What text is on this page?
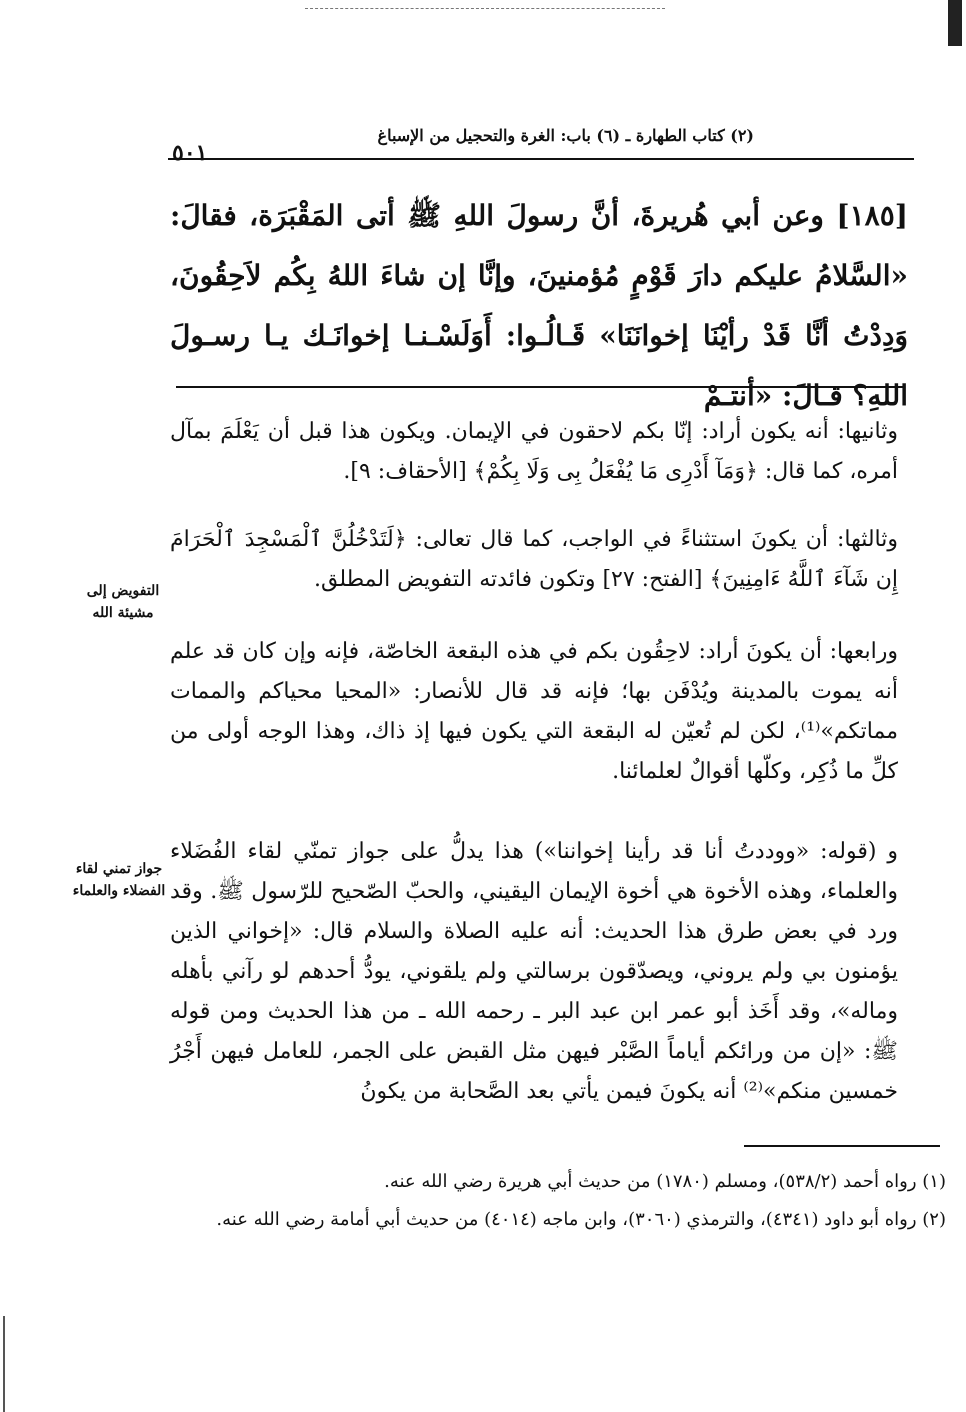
(٢) كتاب الطهارة ـ (٦) باب: الغرة والتحجيل من الإسباغ
٥٠١

[١٨٥] وعن أبي هُريرةَ، أنَّ رسولَ اللهِ ﷺ أتى المَقْبَرَة، فقالَ: «السَّلامُ عليكم دارَ قَوْمٍ مُؤمنينَ، وإنَّا إن شاءَ اللهُ بِكُم لاَحِقُونَ، وَدِدْتُ أنَّا قَدْ رأيْنَا إخوانَنَا» قَـالُـوا: أَوَلَسْـنـا إخوانَـك يـا رسـولَ اللهِ؟ قـالَ: «أنتـمْ

وثانيها: أنه يكون أراد: إنّا بكم لاحقون في الإيمان. ويكون هذا قبل أن يَعْلَمَ بمآل أمره، كما قال: ﴿وَمَآ أَدْرِى مَا يُفْعَلُ بِى وَلَا بِكُمْ﴾ [الأحقاف: ٩].

وثالثها: أن يكونَ استثناءً في الواجب، كما قال تعالى: ﴿لَتَدْخُلُنَّ ٱلْمَسْجِدَ ٱلْحَرَامَ إِن شَآءَ ٱللَّهُ ءَامِنِينَ﴾ [الفتح: ٢٧] وتكون فائدته التفويض المطلق.

التفويض إلى مشيئة الله

ورابعها: أن يكونَ أراد: لاحِقُون بكم في هذه البقعة الخاصّة، فإنه وإن كان قد علم أنه يموت بالمدينة ويُدْفَن بها؛ فإنه قد قال للأنصار: «المحيا محياكم والممات مماتكم»⁽¹⁾، لكن لم تُعيّن له البقعة التي يكون فيها إذ ذاك، وهذا الوجه أولى من كلِّ ما ذُكِر، وكلّها أقوالٌ لعلمائنا.

و (قوله: «ووددتُ أنا قد رأينا إخواننا») هذا يدلُّ على جواز تمنّي لقاء الفُضَلاء والعلماء، وهذه الأخوة هي أخوة الإيمان اليقيني، والحبّ الصّحيح للرّسول ﷺ. وقد ورد في بعض طرق هذا الحديث: أنه عليه الصلاة والسلام قال: «إخواني الذين يؤمنون بي ولم يروني، ويصدّقون برسالتي ولم يلقوني، يودُّ أحدهم لو رآني بأهله وماله»، وقد أَخَذ أبو عمر ابن عبد البر ـ رحمه الله ـ من هذا الحديث ومن قوله ﷺ: «إن من ورائكم أياماً الصَّبْر فيهن مثل القبض على الجمر، للعامل فيهن أَجْرُ خمسين منكم»⁽²⁾ أنه يكونَ فيمن يأتي بعد الصَّحابة من يكونُ

جواز تمني لقاء الفضلاء والعلماء

(١) رواه أحمد (٥٣٨/٢)، ومسلم (١٧٨٠) من حديث أبي هريرة رضي الله عنه.

(٢) رواه أبو داود (٤٣٤١)، والترمذي (٣٠٦٠)، وابن ماجه (٤٠١٤) من حديث أبي أمامة رضي الله عنه.
